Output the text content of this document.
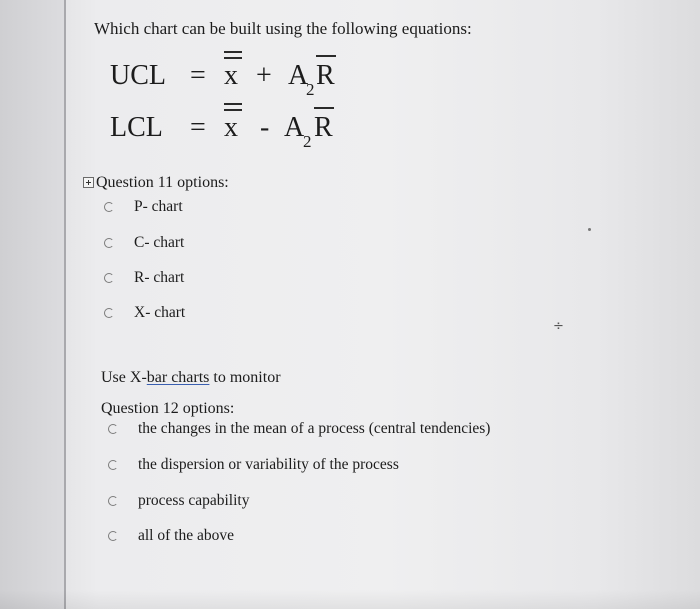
Which chart can be built using the following equations:
UCL = x + A
2 R
LCL = x - A
2 R
Question 11 options:
P- chart
C- chart
R- chart
X- chart
÷
Use X-bar charts to monitor
Question 12 options:
the changes in the mean of a process (central tendencies)
the dispersion or variability of the process
process capability
all of the above
